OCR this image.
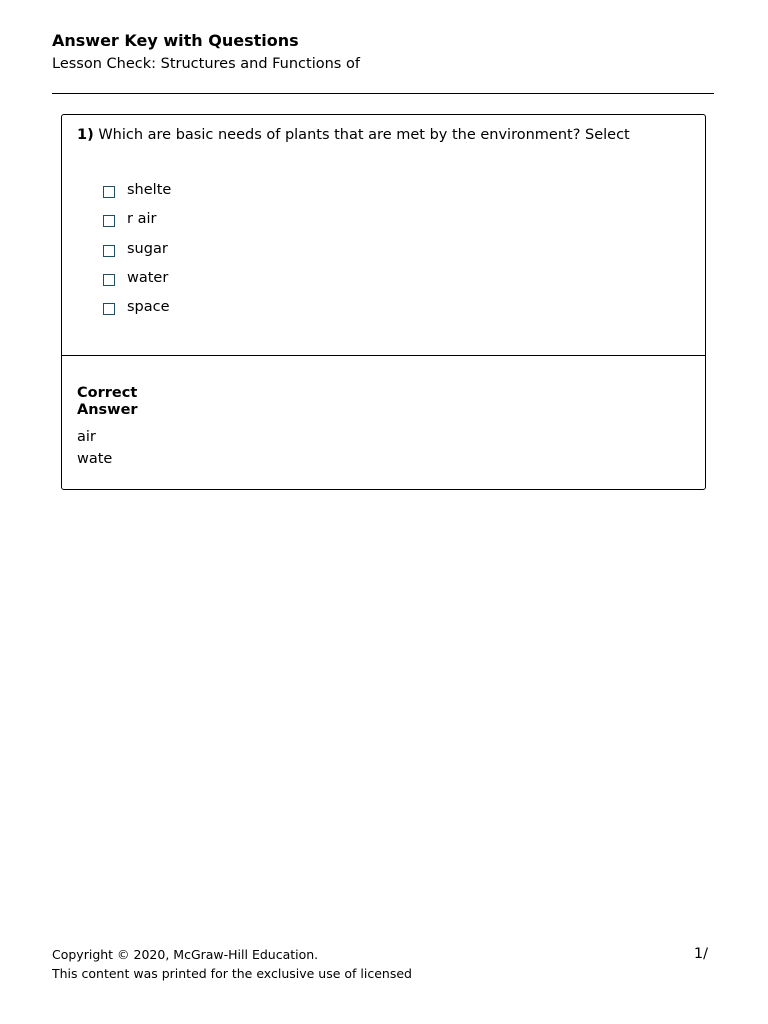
Answer Key with Questions
Lesson Check: Structures and Functions of
1) Which are basic needs of plants that are met by the environment? Select
shelte
r air
sugar
water
space
Correct Answer
air
wate
Copyright © 2020, McGraw-Hill Education.
This content was printed for the exclusive use of licensed
1/
